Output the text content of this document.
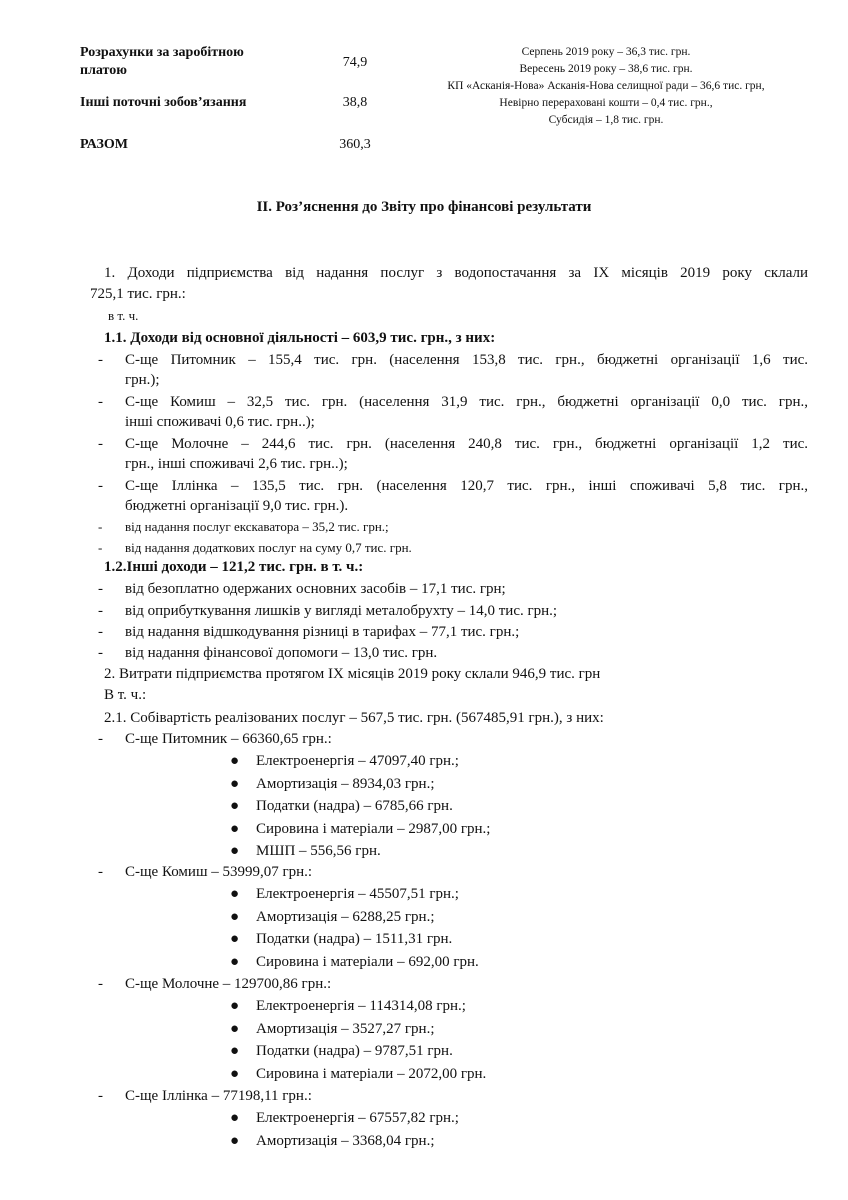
Розрахунки за заробітною
платою
74,9
Серпень 2019 року – 36,3 тис. грн.
Вересень 2019 року – 38,6 тис. грн.
Інші поточні зобов’язання	38,8
КП «Асканія-Нова» Асканія-Нова селищної ради – 36,6 тис. грн,
Невірно перераховані кошти – 0,4 тис. грн.,
Субсидія – 1,8 тис. грн.
РАЗОМ	360,3
ІІ. Роз’яснення до Звіту про фінансові результати
1. Доходи підприємства від надання послуг з водопостачання за ІХ місяців 2019 року склали
725,1 тис. грн.:
в т. ч.
1.1. Доходи від основної діяльності – 603,9 тис. грн., з них:
- С-ще Питомник – 155,4 тис. грн. (населення 153,8 тис. грн., бюджетні організації 1,6 тис.
грн.);
- С-ще Комиш – 32,5 тис. грн. (населення 31,9 тис. грн., бюджетні організації 0,0 тис. грн.,
інші споживачі 0,6 тис. грн..);
- С-ще Молочне – 244,6 тис. грн. (населення 240,8 тис. грн., бюджетні організації 1,2 тис.
грн., інші споживачі 2,6 тис. грн..);
- С-ще Іллінка – 135,5 тис. грн. (населення 120,7 тис. грн., інші споживачі 5,8 тис. грн.,
бюджетні організації 9,0 тис. грн.).
- від надання послуг екскаватора – 35,2 тис. грн.;
- від надання додаткових послуг на суму 0,7 тис. грн.
1.2.Інші доходи – 121,2 тис. грн. в т. ч.:
- від безоплатно одержаних основних засобів – 17,1 тис. грн;
- від оприбуткування лишків у вигляді металобрухту – 14,0 тис. грн.;
- від надання відшкодування різниці в тарифах – 77,1 тис. грн.;
- від надання фінансової допомоги – 13,0 тис. грн.
2. Витрати підприємства протягом ІХ місяців 2019 року склали 946,9 тис. грн
В т. ч.:
2.1. Собівартість реалізованих послуг – 567,5 тис. грн. (567485,91 грн.), з них:
- С-ще Питомник – 66360,65 грн.:
● Електроенергія – 47097,40 грн.;
● Амортизація – 8934,03 грн.;
● Податки (надра) – 6785,66 грн.
● Сировина і матеріали – 2987,00 грн.;
● МШП – 556,56 грн.
- С-ще Комиш – 53999,07 грн.:
● Електроенергія – 45507,51 грн.;
● Амортизація – 6288,25 грн.;
● Податки (надра) – 1511,31 грн.
● Сировина і матеріали – 692,00 грн.
- С-ще Молочне – 129700,86 грн.:
● Електроенергія – 114314,08 грн.;
● Амортизація – 3527,27 грн.;
● Податки (надра) – 9787,51 грн.
● Сировина і матеріали – 2072,00 грн.
- С-ще Іллінка – 77198,11 грн.:
● Електроенергія – 67557,82 грн.;
● Амортизація – 3368,04 грн.;
